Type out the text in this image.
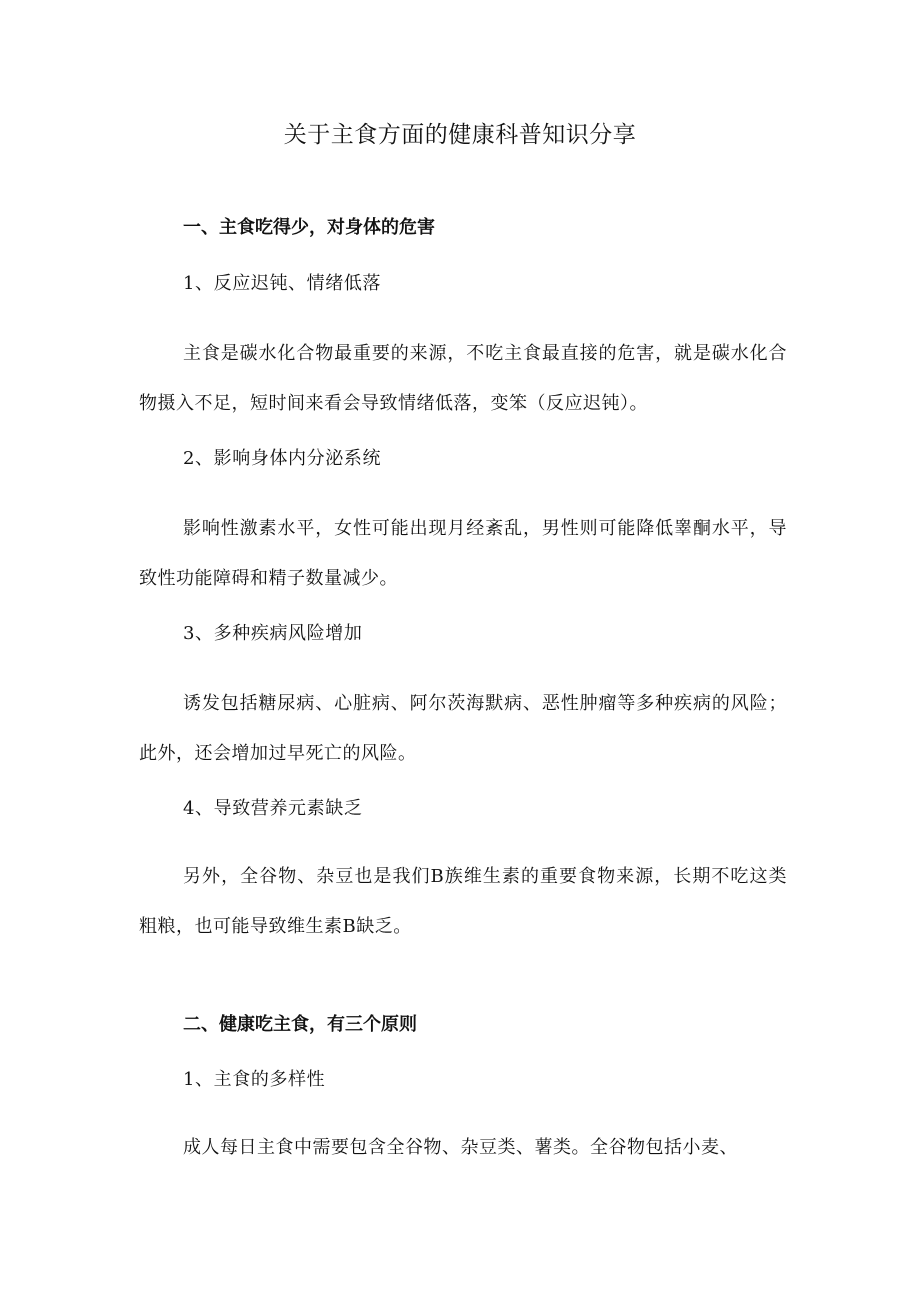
关于主食方面的健康科普知识分享
一、主食吃得少，对身体的危害
1、反应迟钝、情绪低落
主食是碳水化合物最重要的来源，不吃主食最直接的危害，就是碳水化合物摄入不足，短时间来看会导致情绪低落，变笨（反应迟钝）。
2、影响身体内分泌系统
影响性激素水平，女性可能出现月经紊乱，男性则可能降低睾酮水平，导致性功能障碍和精子数量减少。
3、多种疾病风险增加
诱发包括糖尿病、心脏病、阿尔茨海默病、恶性肿瘤等多种疾病的风险；此外，还会增加过早死亡的风险。
4、导致营养元素缺乏
另外，全谷物、杂豆也是我们B族维生素的重要食物来源，长期不吃这类粗粮，也可能导致维生素B缺乏。
二、健康吃主食，有三个原则
1、主食的多样性
成人每日主食中需要包含全谷物、杂豆类、薯类。全谷物包括小麦、
